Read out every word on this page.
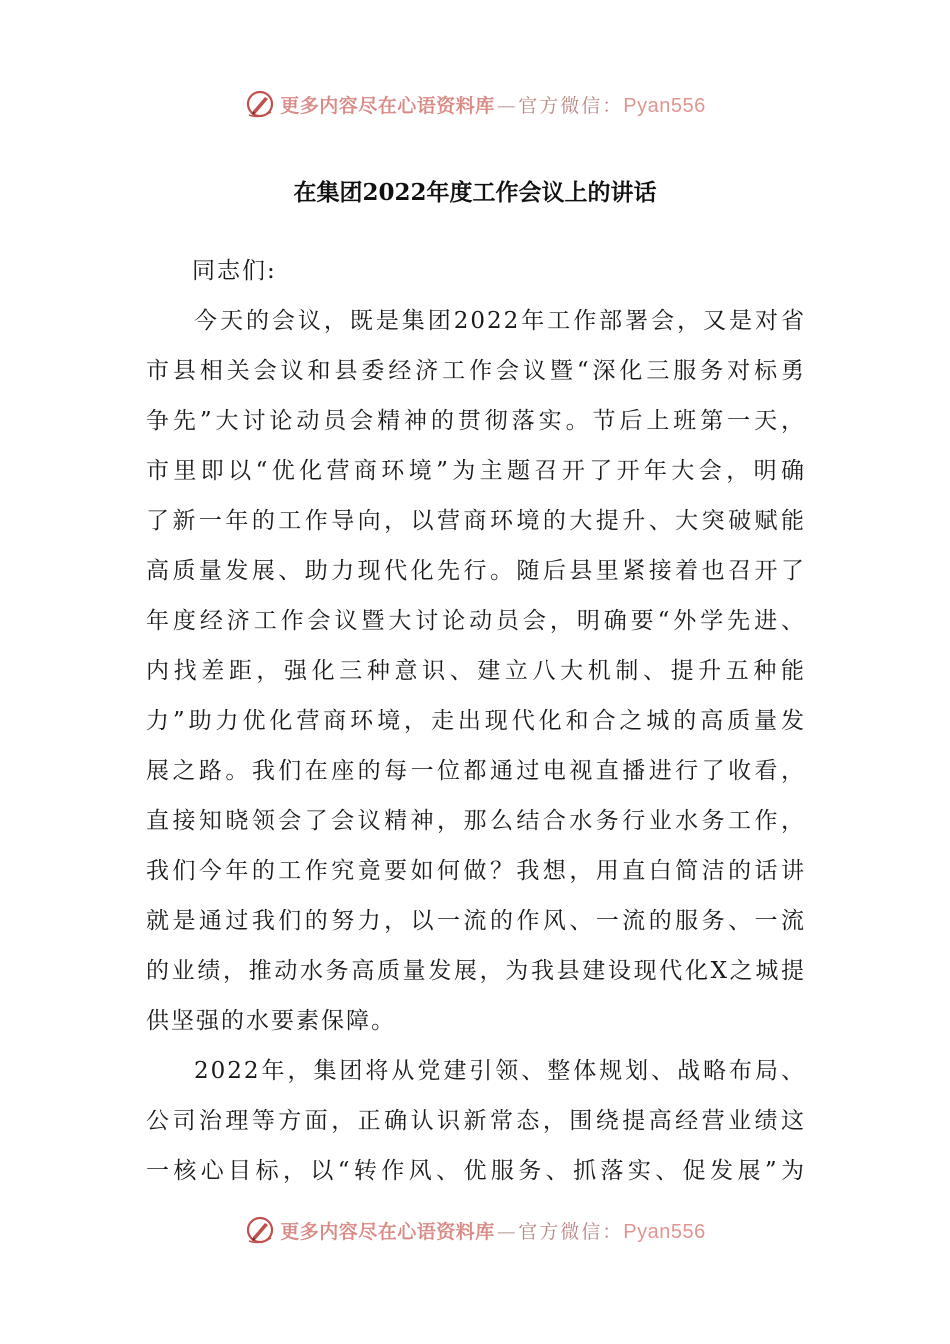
更多内容尽在心语资料库 — 官方微信：Pyan556
在集团2022年度工作会议上的讲话

同志们:

今天的会议，既是集团2022年工作部署会，又是对省
市县相关会议和县委经济工作会议暨“深化三服务对标勇
争先”大讨论动员会精神的贯彻落实。节后上班第一天，
市里即以“优化营商环境”为主题召开了开年大会，明确
了新一年的工作导向，以营商环境的大提升、大突破赋能
高质量发展、助力现代化先行。随后县里紧接着也召开了
年度经济工作会议暨大讨论动员会，明确要“外学先进、
内找差距，强化三种意识、建立八大机制、提升五种能
力”助力优化营商环境，走出现代化和合之城的高质量发
展之路。我们在座的每一位都通过电视直播进行了收看，
直接知晓领会了会议精神，那么结合水务行业水务工作，
我们今年的工作究竟要如何做？我想，用直白简洁的话讲
就是通过我们的努力，以一流的作风、一流的服务、一流
的业绩，推动水务高质量发展，为我县建设现代化X之城提
供坚强的水要素保障。
2022年，集团将从党建引领、整体规划、战略布局、
公司治理等方面，正确认识新常态，围绕提高经营业绩这
一核心目标，以“转作风、优服务、抓落实、促发展”为
更多内容尽在心语资料库 — 官方微信：Pyan556
